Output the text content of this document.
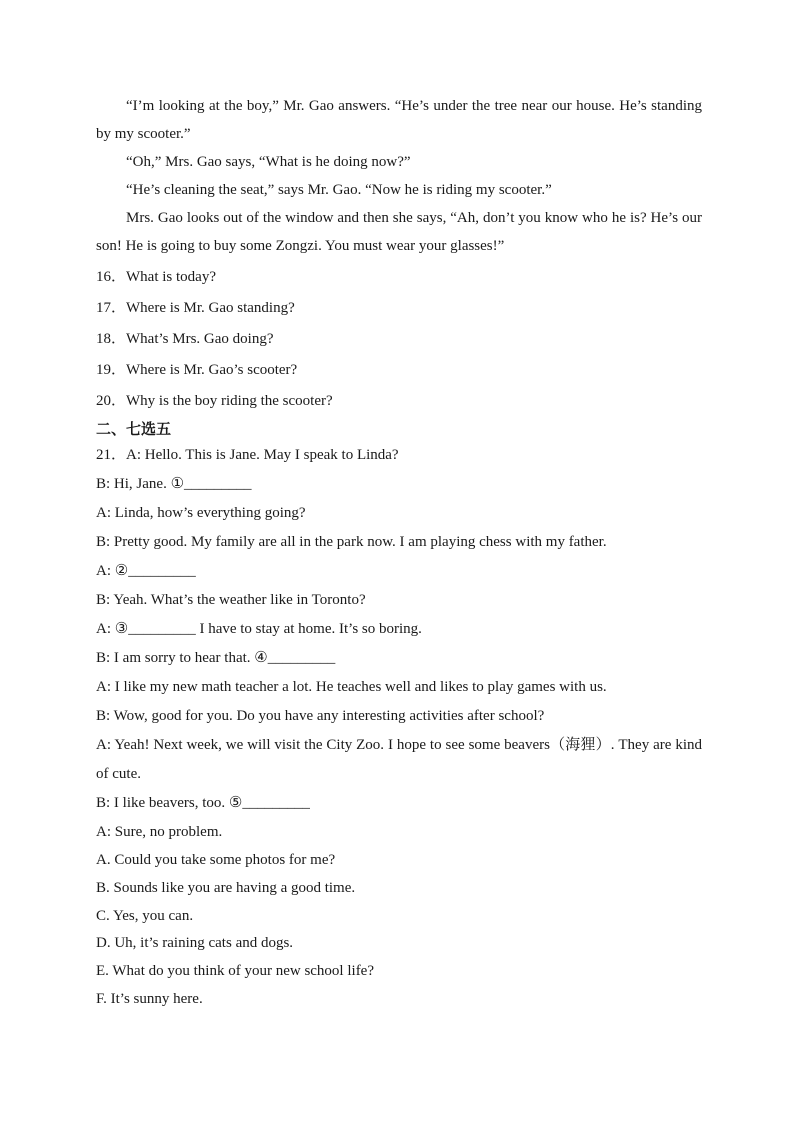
“I’m looking at the boy,” Mr. Gao answers. “He’s under the tree near our house. He’s standing by my scooter.”

“Oh,” Mrs. Gao says, “What is he doing now?”

“He’s cleaning the seat,” says Mr. Gao. “Now he is riding my scooter.”

Mrs. Gao looks out of the window and then she says, “Ah, don’t you know who he is? He’s our son! He is going to buy some Zongzi. You must wear your glasses!”

16．What is today?

17．Where is Mr. Gao standing?

18．What’s Mrs. Gao doing?

19．Where is Mr. Gao’s scooter?

20．Why is the boy riding the scooter?

二、七选五

21．A: Hello. This is Jane. May I speak to Linda?

B: Hi, Jane. ①_________

A: Linda, how’s everything going?

B: Pretty good. My family are all in the park now. I am playing chess with my father.

A: ②_________

B: Yeah. What’s the weather like in Toronto?

A: ③_________ I have to stay at home. It’s so boring.

B: I am sorry to hear that. ④_________

A: I like my new math teacher a lot. He teaches well and likes to play games with us.

B: Wow, good for you. Do you have any interesting activities after school?

A: Yeah! Next week, we will visit the City Zoo. I hope to see some beavers（海狸）. They are kind of cute.

B: I like beavers, too. ⑤_________

A: Sure, no problem.

A. Could you take some photos for me?

B. Sounds like you are having a good time.

C. Yes, you can.

D. Uh, it’s raining cats and dogs.

E. What do you think of your new school life?

F. It’s sunny here.
